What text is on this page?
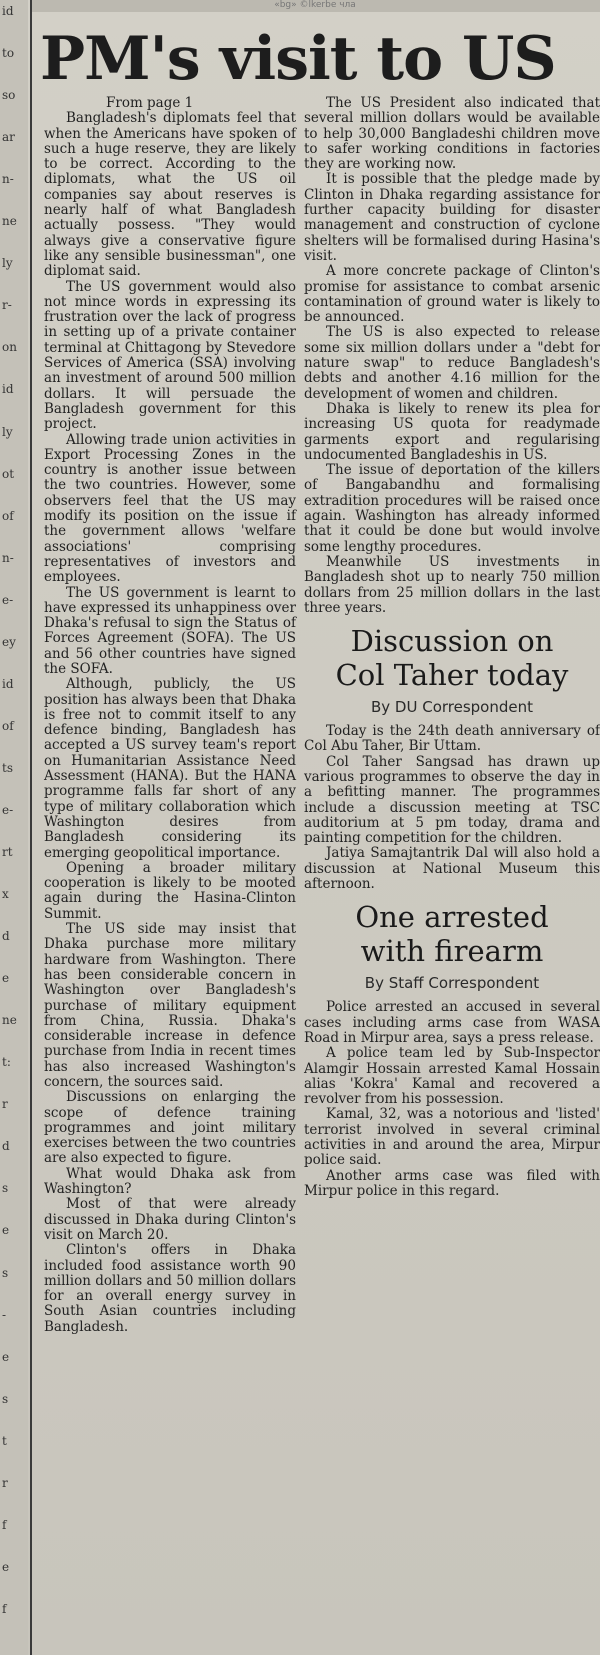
«bg» ©lkerbe чла
id
to
so
ar
n-
ne
ly
r-
on
id
ly
ot
of
n-
e-
ey
id
of
ts
e-
rt
x
d
e
ne
t:
r
d
s
e
s
-
e
s
t
r
f
e
f
PM's visit to US

From page 1

Bangladesh's diplomats feel that when the Americans have spoken of such a huge reserve, they are likely to be correct. According to the diplomats, what the US oil companies say about reserves is nearly half of what Bangladesh actually possess. "They would always give a conservative figure like any sensible businessman", one diplomat said.

The US government would also not mince words in expressing its frustration over the lack of progress in setting up of a private container terminal at Chittagong by Stevedore Services of America (SSA) involving an investment of around 500 million dollars. It will persuade the Bangladesh government for this project.

Allowing trade union activities in Export Processing Zones in the country is another issue between the two countries. However, some observers feel that the US may modify its position on the issue if the government allows 'welfare associations' comprising representatives of investors and employees.

The US government is learnt to have expressed its unhappiness over Dhaka's refusal to sign the Status of Forces Agreement (SOFA). The US and 56 other countries have signed the SOFA.

Although, publicly, the US position has always been that Dhaka is free not to commit itself to any defence binding, Bangladesh has accepted a US survey team's report on Humanitarian Assistance Need Assessment (HANA). But the HANA programme falls far short of any type of military collaboration which Washington desires from Bangladesh considering its emerging geopolitical importance.

Opening a broader military cooperation is likely to be mooted again during the Hasina-Clinton Summit.

The US side may insist that Dhaka purchase more military hardware from Washington. There has been considerable concern in Washington over Bangladesh's purchase of military equipment from China, Russia. Dhaka's considerable increase in defence purchase from India in recent times has also increased Washington's concern, the sources said.

Discussions on enlarging the scope of defence training programmes and joint military exercises between the two countries are also expected to figure.

What would Dhaka ask from Washington?

Most of that were already discussed in Dhaka during Clinton's visit on March 20.

Clinton's offers in Dhaka included food assistance worth 90 million dollars and 50 million dollars for an overall energy survey in South Asian countries including Bangladesh.

The US President also indicated that several million dollars would be available to help 30,000 Bangladeshi children move to safer working conditions in factories they are working now.

It is possible that the pledge made by Clinton in Dhaka regarding assistance for further capacity building for disaster management and construction of cyclone shelters will be formalised during Hasina's visit.

A more concrete package of Clinton's promise for assistance to combat arsenic contamination of ground water is likely to be announced.

The US is also expected to release some six million dollars under a "debt for nature swap" to reduce Bangladesh's debts and another 4.16 million for the development of women and children.

Dhaka is likely to renew its plea for increasing US quota for readymade garments export and regularising undocumented Bangladeshis in US.

The issue of deportation of the killers of Bangabandhu and formalising extradition procedures will be raised once again. Washington has already informed that it could be done but would involve some lengthy procedures.

Meanwhile US investments in Bangladesh shot up to nearly 750 million dollars from 25 million dollars in the last three years.

Discussion on
Col Taher today
By DU Correspondent

Today is the 24th death anniversary of Col Abu Taher, Bir Uttam.

Col Taher Sangsad has drawn up various programmes to observe the day in a befitting manner. The programmes include a discussion meeting at TSC auditorium at 5 pm today, drama and painting competition for the children.

Jatiya Samajtantrik Dal will also hold a discussion at National Museum this afternoon.

One arrested
with firearm
By Staff Correspondent

Police arrested an accused in several cases including arms case from WASA Road in Mirpur area, says a press release.

A police team led by Sub-Inspector Alamgir Hossain arrested Kamal Hossain alias 'Kokra' Kamal and recovered a revolver from his possession.

Kamal, 32, was a notorious and 'listed' terrorist involved in several criminal activities in and around the area, Mirpur police said.

Another arms case was filed with Mirpur police in this regard.
